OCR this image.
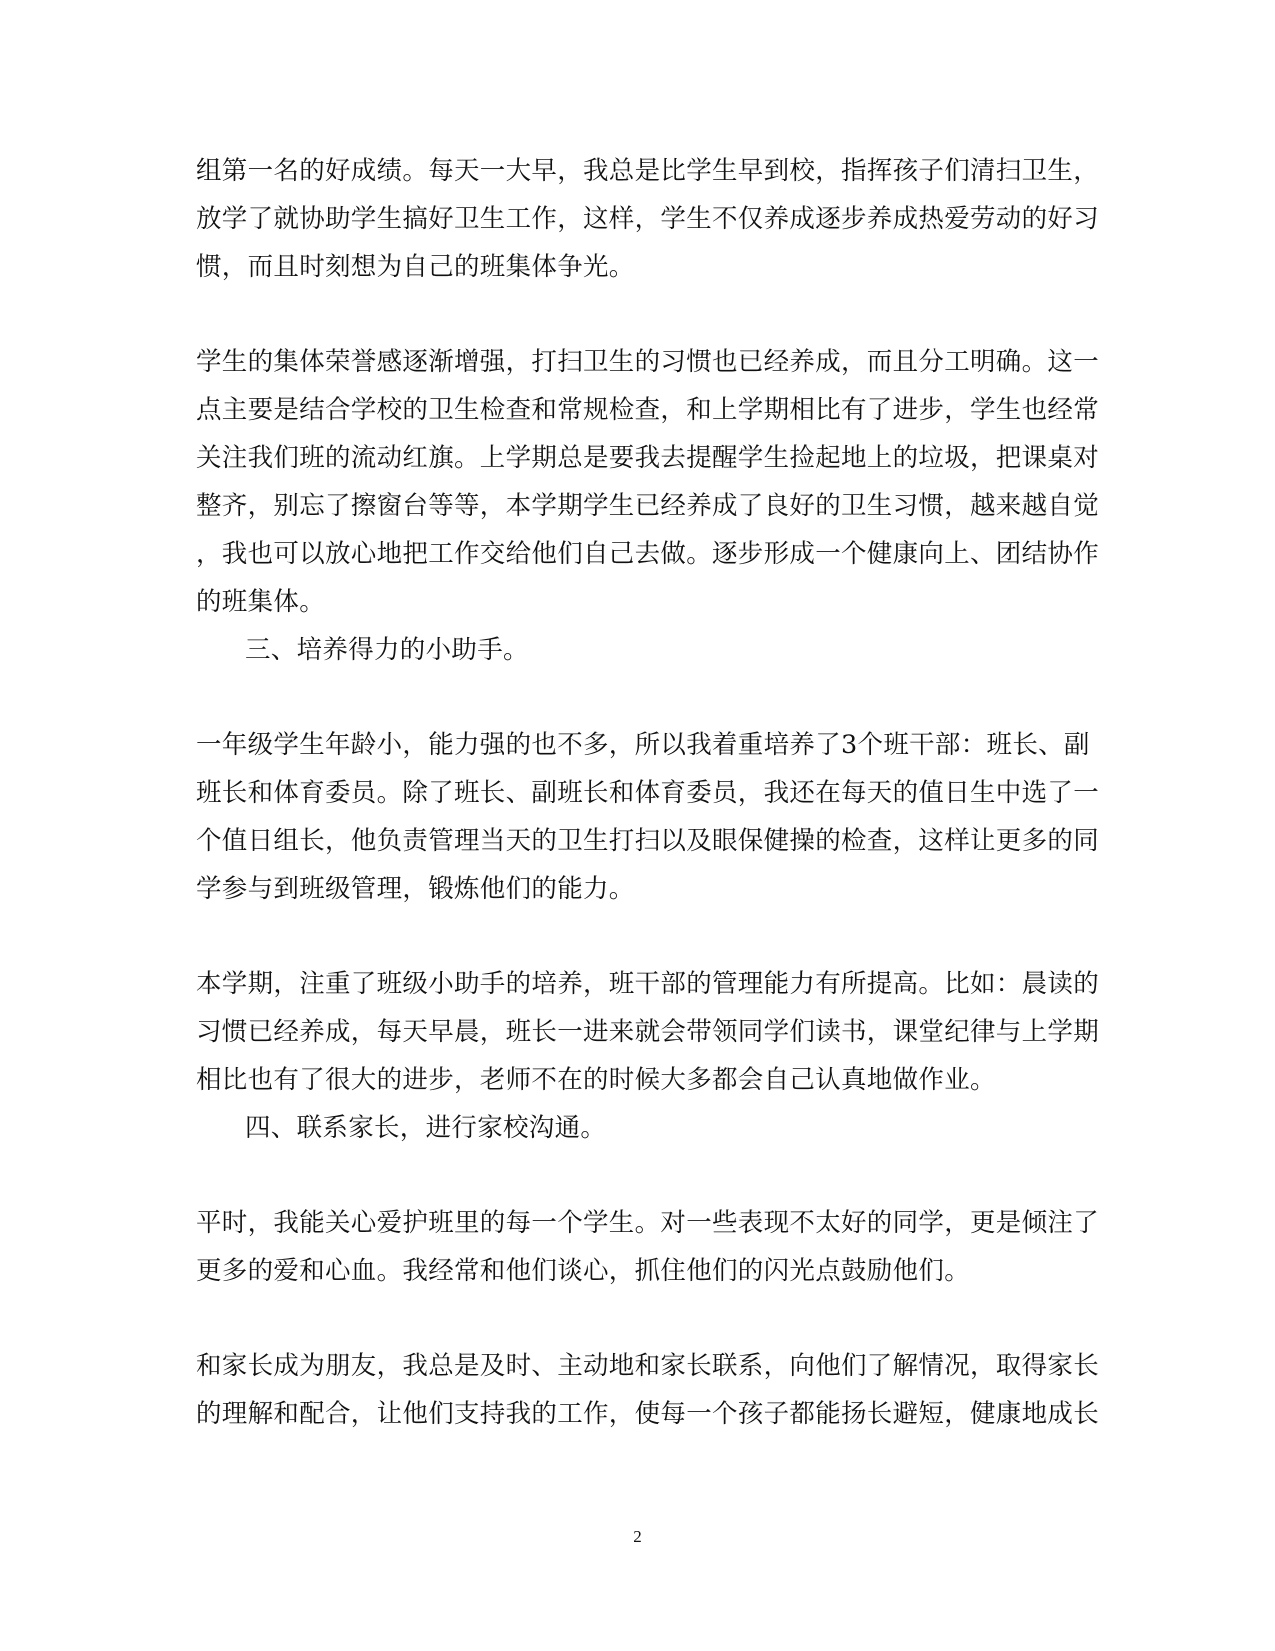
组第一名的好成绩。每天一大早，我总是比学生早到校，指挥孩子们清扫卫生，

放学了就协助学生搞好卫生工作，这样，学生不仅养成逐步养成热爱劳动的好习

惯，而且时刻想为自己的班集体争光。

学生的集体荣誉感逐渐增强，打扫卫生的习惯也已经养成，而且分工明确。这一

点主要是结合学校的卫生检查和常规检查，和上学期相比有了进步，学生也经常

关注我们班的流动红旗。上学期总是要我去提醒学生捡起地上的垃圾，把课桌对

整齐，别忘了擦窗台等等，本学期学生已经养成了良好的卫生习惯，越来越自觉

，我也可以放心地把工作交给他们自己去做。逐步形成一个健康向上、团结协作

的班集体。

三、培养得力的小助手。

一年级学生年龄小，能力强的也不多，所以我着重培养了3个班干部：班长、副

班长和体育委员。除了班长、副班长和体育委员，我还在每天的值日生中选了一

个值日组长，他负责管理当天的卫生打扫以及眼保健操的检查，这样让更多的同

学参与到班级管理，锻炼他们的能力。

本学期，注重了班级小助手的培养，班干部的管理能力有所提高。比如：晨读的

习惯已经养成，每天早晨，班长一进来就会带领同学们读书，课堂纪律与上学期

相比也有了很大的进步，老师不在的时候大多都会自己认真地做作业。

四、联系家长，进行家校沟通。

平时，我能关心爱护班里的每一个学生。对一些表现不太好的同学，更是倾注了

更多的爱和心血。我经常和他们谈心，抓住他们的闪光点鼓励他们。

和家长成为朋友，我总是及时、主动地和家长联系，向他们了解情况，取得家长

的理解和配合，让他们支持我的工作，使每一个孩子都能扬长避短，健康地成长

2
